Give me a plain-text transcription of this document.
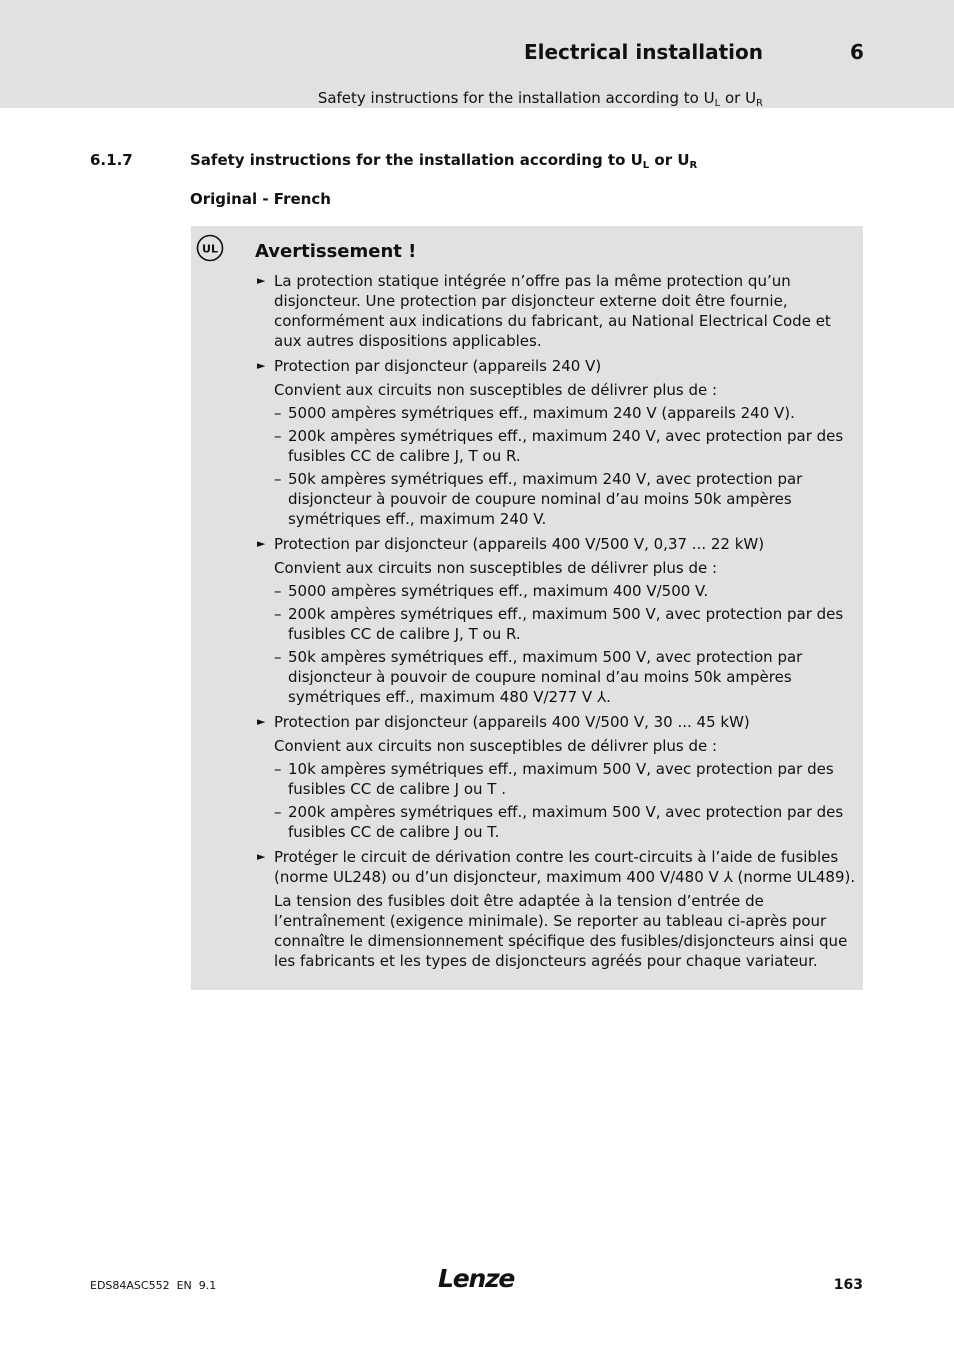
Electrical installation	6
Safety instructions for the installation according to $U_L$ or $U_R$
6.1.7	Safety instructions for the installation according to $U_L$ or $U_R$
Original - French
UL Avertissement !
► La protection statique intégrée n’offre pas la même protection qu’un disjoncteur. Une protection par disjoncteur externe doit être fournie, conformément aux indications du fabricant, au National Electrical Code et aux autres dispositions applicables.
► Protection par disjoncteur (appareils 240 V)
Convient aux circuits non susceptibles de délivrer plus de :
– 5000 ampères symétriques eff., maximum 240 V (appareils 240 V).
– 200k ampères symétriques eff., maximum 240 V, avec protection par des fusibles CC de calibre J, T ou R.
– 50k ampères symétriques eff., maximum 240 V, avec protection par disjoncteur à pouvoir de coupure nominal d’au moins 50k ampères symétriques eff., maximum 240 V.
► Protection par disjoncteur (appareils 400 V/500 V, 0,37 ... 22 kW)
Convient aux circuits non susceptibles de délivrer plus de :
– 5000 ampères symétriques eff., maximum 400 V/500 V.
– 200k ampères symétriques eff., maximum 500 V, avec protection par des fusibles CC de calibre J, T ou R.
– 50k ampères symétriques eff., maximum 500 V, avec protection par disjoncteur à pouvoir de coupure nominal d’au moins 50k ampères symétriques eff., maximum 480 V/277 V ⅄.
► Protection par disjoncteur (appareils 400 V/500 V, 30 ... 45 kW)
Convient aux circuits non susceptibles de délivrer plus de :
– 10k ampères symétriques eff., maximum 500 V, avec protection par des fusibles CC de calibre J ou T .
– 200k ampères symétriques eff., maximum 500 V, avec protection par des fusibles CC de calibre J ou T.
► Protéger le circuit de dérivation contre les court-circuits à l’aide de fusibles (norme UL248) ou d’un disjoncteur, maximum 400 V/480 V ⅄ (norme UL489).
La tension des fusibles doit être adaptée à la tension d’entrée de l’entraînement (exigence minimale). Se reporter au tableau ci-après pour connaître le dimensionnement spécifique des fusibles/disjoncteurs ainsi que les fabricants et les types de disjoncteurs agréés pour chaque variateur.
EDS84ASC552  EN  9.1	Lenze	163
